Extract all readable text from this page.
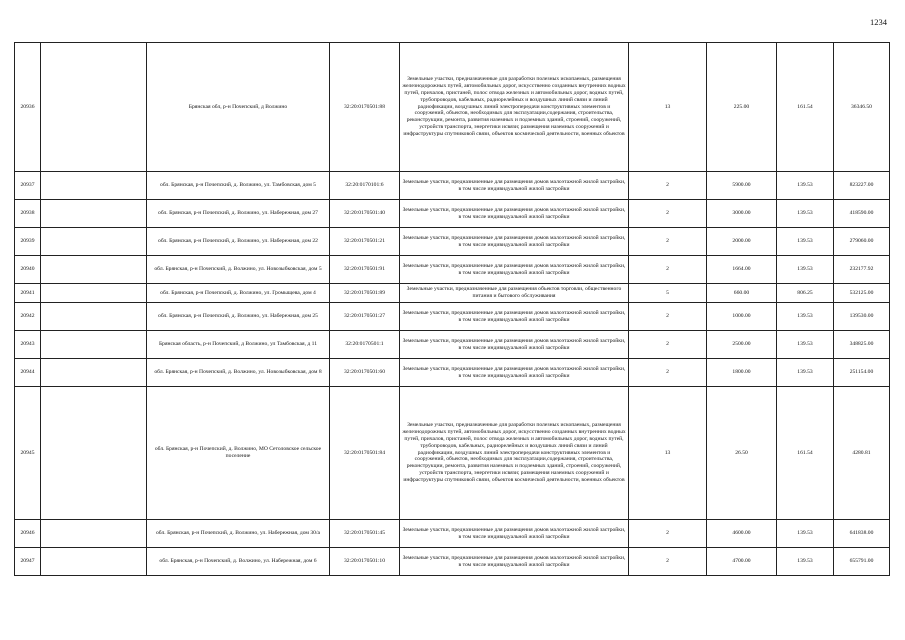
1234
20936		Брянская обл, р-н Почепский, д Волжино	32:20:0170501:88	Земельные участки, предназначенные для разработки полезных ископаемых, размещения железнодорожных путей, автомобильных дорог, искусственно созданных внутренних водных путей, причалов, пристаней, полос отвода железных и автомобильных дорог, водных путей, трубопроводов, кабельных, радиорелейных и воздушных линий связи и линий радиофикации, воздушных линий электропередачи конструктивных элементов и сооружений, объектов, необходимых для эксплуатации,содержания, строительства, реконструкции, ремонта, развития наземных и подземных зданий, строений, сооружений, устройств транспорта, энергетики исвязи; размещения наземных сооружений и инфраструктуры спутниковой связи, объектов космической деятельности, военных объектов	13	225.00	161.54	36346.50
20937		обл. Брянская, р-н Почепский, д. Волжино, ул. Тамбовская, дом 5	32:20:0170101:6	Земельные участки, предназначенные для размещения домов малоэтажной жилой застройки, в том числе индивидуальной жилой застройки	2	5900.00	139.53	823227.00
20938		обл. Брянская, р-н Почепский, д. Волжино, ул. Набережная, дом 27	32:20:0170501:40	Земельные участки, предназначенные для размещения домов малоэтажной жилой застройки, в том числе индивидуальной жилой застройки	2	3000.00	139.53	418590.00
20939		обл. Брянская, р-н Почепский, д. Волжино, ул. Набережная, дом 22	32:20:0170501:21	Земельные участки, предназначенные для размещения домов малоэтажной жилой застройки, в том числе индивидуальной жилой застройки	2	2000.00	139.53	279060.00
20940		обл. Брянская, р-н Почепский, д. Волжино, ул. Новозыбковская, дом 5	32:20:0170501:91	Земельные участки, предназначенные для размещения домов малоэтажной жилой застройки, в том числе индивидуальной жилой застройки	2	1664.00	139.53	232177.92
20941		обл. Брянская, р-н Почепский, д. Волжино, ул. Громыщева, дом 4	32:20:0170501:89	Земельные участки, предназначенные для размещения объектов торговли, общественного питания и бытового обслуживания	5	660.00	806.25	532125.00
20942		обл. Брянская, р-н Почепский, д. Волжино, ул. Набережная, дом 25	32:20:0170501:27	Земельные участки, предназначенные для размещения домов малоэтажной жилой застройки, в том числе индивидуальной жилой застройки	2	1000.00	139.53	139530.00
20943		Брянская область, р-н Почепский, д Волжино, ул Тамбовская, д 11	32:20:0170501:1	Земельные участки, предназначенные для размещения домов малоэтажной жилой застройки, в том числе индивидуальной жилой застройки	2	2500.00	139.53	348825.00
20944		обл. Брянская, р-н Почепский, д. Волжино, ул. Новозыбковская, дом 8	32:20:0170501:60	Земельные участки, предназначенные для размещения домов малоэтажной жилой застройки, в том числе индивидуальной жилой застройки	2	1800.00	139.53	251154.00
20945		обл. Брянская, р-н Почепский, д. Волжино, МО Сетоловское сельское поселение	32:20:0170501:84	Земельные участки, предназначенные для разработки полезных ископаемых, размещения железнодорожных путей, автомобильных дорог, искусственно созданных внутренних водных путей, причалов, пристаней, полос отвода железных и автомобильных дорог, водных путей, трубопроводов, кабельных, радиорелейных и воздушных линий связи и линий радиофикации, воздушных линий электропередачи конструктивных элементов и сооружений, объектов, необходимых для эксплуатации,содержания, строительства, реконструкции, ремонта, развития наземных и подземных зданий, строений, сооружений, устройств транспорта, энергетики исвязи; размещения наземных сооружений и инфраструктуры спутниковой связи, объектов космической деятельности, военных объектов	13	26.50	161.54	4280.81
20946		обл. Брянская, р-н Почепский, д. Волжино, ул. Набережная, дом 30/а	32:20:0170501:45	Земельные участки, предназначенные для размещения домов малоэтажной жилой застройки, в том числе индивидуальной жилой застройки	2	4600.00	139.53	641838.00
20947		обл. Брянская, р-н Почепский, д. Волжино, ул. Набережная, дом 6	32:20:0170501:10	Земельные участки, предназначенные для размещения домов малоэтажной жилой застройки, в том числе индивидуальной жилой застройки	2	4700.00	139.53	655791.00
